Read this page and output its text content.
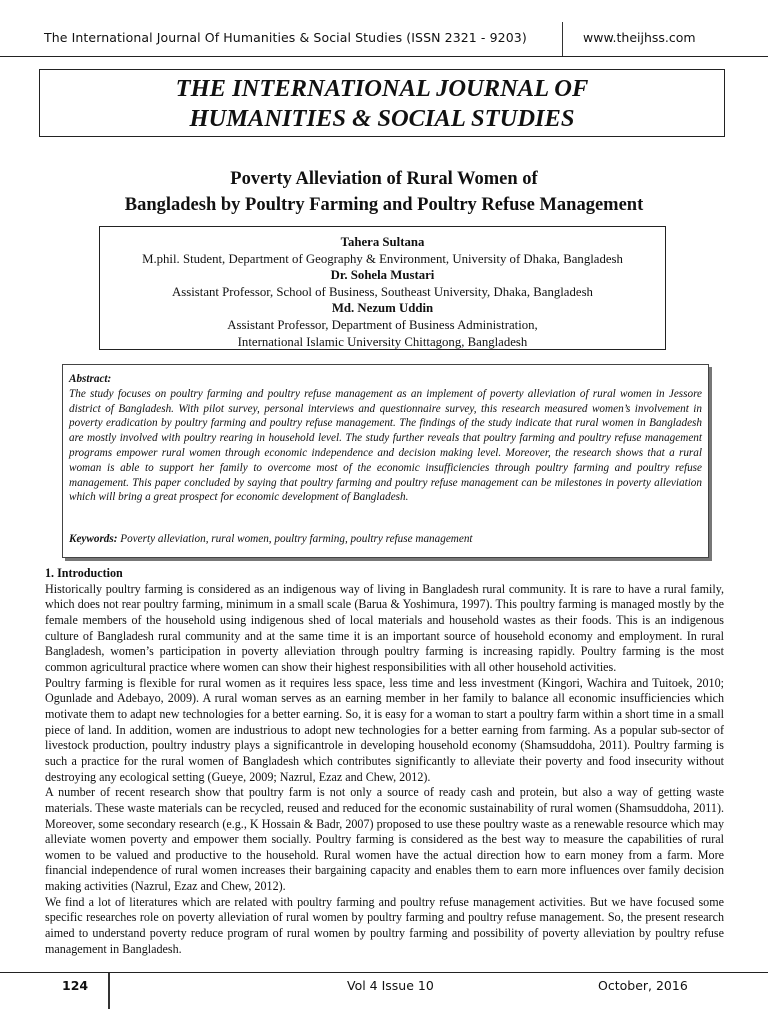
The International Journal Of Humanities & Social Studies (ISSN 2321 - 9203)	www.theijhss.com
THE INTERNATIONAL JOURNAL OF
HUMANITIES & SOCIAL STUDIES
Poverty Alleviation of Rural Women of
Bangladesh by Poultry Farming and Poultry Refuse Management
Tahera Sultana
M.phil. Student, Department of Geography & Environment, University of Dhaka, Bangladesh
Dr. Sohela Mustari
Assistant Professor, School of Business, Southeast University, Dhaka, Bangladesh
Md. Nezum Uddin
Assistant Professor, Department of Business Administration,
International Islamic University Chittagong, Bangladesh
Abstract:
The study focuses on poultry farming and poultry refuse management as an implement of poverty alleviation of rural women in Jessore district of Bangladesh. With pilot survey, personal interviews and questionnaire survey, this research measured women’s involvement in poverty eradication by poultry farming and poultry refuse management. The findings of the study indicate that rural women in Bangladesh are mostly involved with poultry rearing in household level. The study further reveals that poultry farming and poultry refuse management programs empower rural women through economic independence and decision making level. Moreover, the research shows that a rural woman is able to support her family to overcome most of the economic insufficiencies through poultry farming and poultry refuse management. This paper concluded by saying that poultry farming and poultry refuse management can be milestones in poverty alleviation which will bring a great prospect for economic development of Bangladesh.
Keywords: Poverty alleviation, rural women, poultry farming, poultry refuse management

1. Introduction

Historically poultry farming is considered as an indigenous way of living in Bangladesh rural community. It is rare to have a rural family, which does not rear poultry farming, minimum in a small scale (Barua & Yoshimura, 1997). This poultry farming is managed mostly by the female members of the household using indigenous shed of local materials and household wastes as their foods. This is an indigenous culture of Bangladesh rural community and at the same time it is an important source of household economy and employment. In rural Bangladesh, women’s participation in poverty alleviation through poultry farming is increasing rapidly. Poultry farming is the most common agricultural practice where women can show their highest responsibilities with all other household activities.

Poultry farming is flexible for rural women as it requires less space, less time and less investment (Kingori, Wachira and Tuitoek, 2010; Ogunlade and Adebayo, 2009). A rural woman serves as an earning member in her family to balance all economic insufficiencies which motivate them to adapt new technologies for a better earning. So, it is easy for a woman to start a poultry farm within a short time in a small piece of land. In addition, women are industrious to adopt new technologies for a better earning from farming. As a popular sub-sector of livestock production, poultry industry plays a significantrole in developing household economy (Shamsuddoha, 2011). Poultry farming is such a practice for the rural women of Bangladesh which contributes significantly to alleviate their poverty and food insecurity without destroying any ecological setting (Gueye, 2009; Nazrul, Ezaz and Chew, 2012).

A number of recent research show that poultry farm is not only a source of ready cash and protein, but also a way of getting waste materials. These waste materials can be recycled, reused and reduced for the economic sustainability of rural women (Shamsuddoha, 2011). Moreover, some secondary research (e.g., K Hossain & Badr, 2007) proposed to use these poultry waste as a renewable resource which may alleviate women poverty and empower them socially. Poultry farming is considered as the best way to measure the capabilities of rural women to be valued and productive to the household. Rural women have the actual direction how to earn money from a farm. More financial independence of rural women increases their bargaining capacity and enables them to earn more influences over family decision making activities (Nazrul, Ezaz and Chew, 2012).

We find a lot of literatures which are related with poultry farming and poultry refuse management activities. But we have focused some specific researches role on poverty alleviation of rural women by poultry farming and poultry refuse management. So, the present research aimed to understand poverty reduce program of rural women by poultry farming and possibility of poverty alleviation by poultry refuse management in Bangladesh.

124	Vol 4 Issue 10	October, 2016
